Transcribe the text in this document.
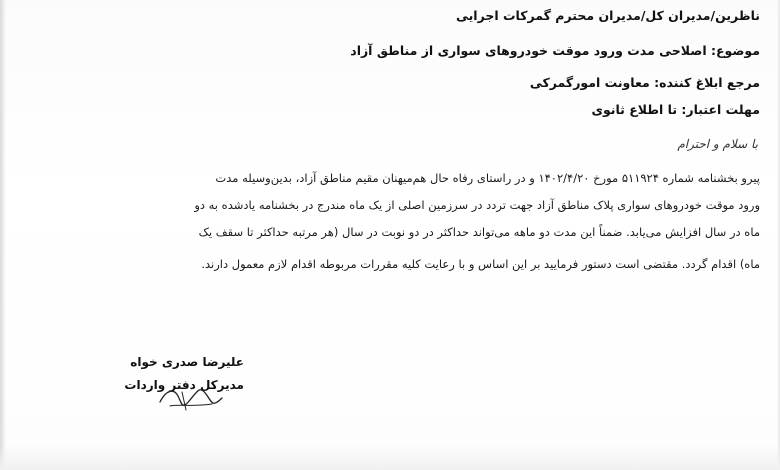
ناظرین/مدیران کل/مدیران محترم گمرکات اجرایی
موضوع: اصلاحی مدت ورود موقت خودروهای سواری از مناطق آزاد
مرجع ابلاغ کننده: معاونت امورگمرکی
مهلت اعتبار: تا اطلاع ثانوی
با سلام و احترام
پیرو بخشنامه شماره ۵۱۱۹۲۴ مورخ ۱۴۰۲/۴/۲۰ و در راستای رفاه حال هم‌میهنان مقیم مناطق آزاد، بدین‌وسیله مدت
ورود موقت خودروهای سواری پلاک مناطق آزاد جهت تردد در سرزمین اصلی از یک ماه مندرج در بخشنامه یادشده به دو
ماه در سال افزایش می‌یابد. ضمناً این مدت دو ماهه می‌تواند حداکثر در دو نوبت در سال (هر مرتبه حداکثر تا سقف یک
ماه) اقدام گردد. مقتضی است دستور فرمایید بر این اساس و با رعایت کلیه مقررات مربوطه اقدام لازم معمول دارند.
علیرضا صدری خواه
مدیرکل دفتر واردات
